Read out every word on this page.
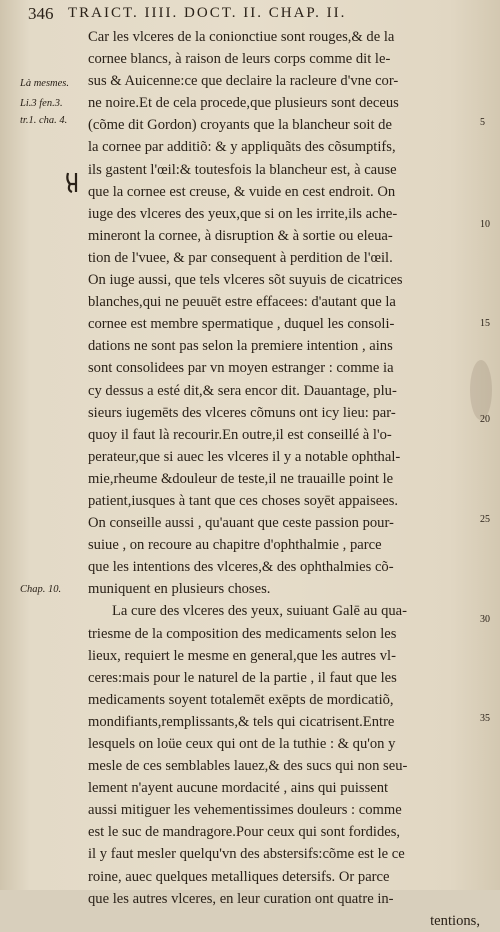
346 TRAICT. IIII. DOCT. II. CHAP. II.
Là mesmes.
Li.3 fen.3.
tr.1. cha. 4.
Chap. 10.
5
10
15
20
25
30
35
Car les vlceres de la conionctiue sont rouges,& de la
cornee blancs, à raison de leurs corps comme dit le-
sus & Auicenne:ce que declaire la racleure d'vne cor-
ne noire.Et de cela procede,que plusieurs sont deceus
(cõme dit Gordon) croyants que la blancheur soit de
la cornee par additiõ: & y appliquãts des cõsumptifs,
ils gastent l'œil:& toutesfois la blancheur est, à cause
que la cornee est creuse, & vuide en cest endroit. On
iuge des vlceres des yeux,que si on les irrite,ils ache-
mineront la cornee, à disruption & à sortie ou eleua-
tion de l'vuee, & par consequent à perdition de l'œil.
On iuge aussi, que tels vlceres sõt suyuis de cicatrices
blanches,qui ne peuuēt estre effacees: d'autant que la
cornee est membre spermatique , duquel les consoli-
dations ne sont pas selon la premiere intention , ains
sont consolidees par vn moyen estranger : comme ia
cy dessus a esté dit,& sera encor dit. Dauantage, plu-
sieurs iugemēts des vlceres cõmuns ont icy lieu: par-
quoy il faut là recourir.En outre,il est conseillé à l'o-
perateur,que si auec les vlceres il y a notable ophthal-
mie,rheume &douleur de teste,il ne trauaille point le
patient,iusques à tant que ces choses soyēt appaisees.
On conseille aussi , qu'auant que ceste passion pour-
suiue , on recoure au chapitre d'ophthalmie , parce
que les intentions des vlceres,& des ophthalmies cõ-
muniquent en plusieurs choses.
La cure des vlceres des yeux, suiuant Galē au qua-
triesme de la composition des medicaments selon les
lieux, requiert le mesme en general,que les autres vl-
ceres:mais pour le naturel de la partie , il faut que les
medicaments soyent totalemēt exēpts de mordicatiõ,
mondifiants,remplissants,& tels qui cicatrisent.Entre
lesquels on loüe ceux qui ont de la tuthie : & qu'on y
mesle de ces semblables lauez,& des sucs qui non seu-
lement n'ayent aucune mordacité , ains qui puissent
aussi mitiguer les vehementissimes douleurs : comme
est le suc de mandragore.Pour ceux qui sont fordides,
il y faut mesler quelqu'vn des abstersifs:cõme est le ce
roine, auec quelques metalliques detersifs. Or parce
que les autres vlceres, en leur curation ont quatre in-
tentions,
